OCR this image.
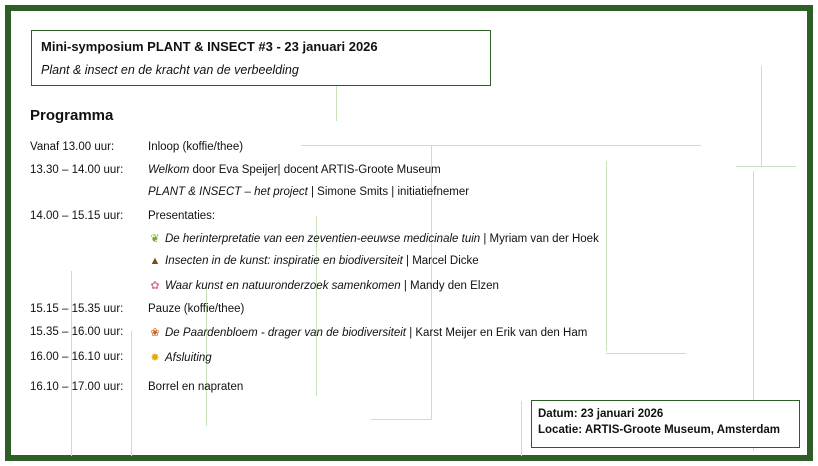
Mini-symposium PLANT & INSECT #3 - 23 januari 2026
Plant & insect en de kracht van de verbeelding
Programma
Vanaf 13.00 uur:	Inloop (koffie/thee)
13.30 – 14.00 uur: Welkom door Eva Speijer| docent ARTIS-Groote Museum
PLANT & INSECT – het project | Simone Smits | initiatiefnemer
14.00 – 15.15 uur: Presentaties:
❦ De herinterpretatie van een zeventien-eeuwse medicinale tuin | Myriam van der Hoek
▲ Insecten in de kunst: inspiratie en biodiversiteit | Marcel Dicke
✿ Waar kunst en natuuronderzoek samenkomen | Mandy den Elzen
15.15 – 15.35 uur: Pauze (koffie/thee)
15.35 – 16.00 uur: ❀ De Paardenbloem - drager van de biodiversiteit | Karst Meijer en Erik van den Ham
16.00 – 16.10 uur: ✸ Afsluiting
16.10 – 17.00 uur: Borrel en napraten
Datum: 23 januari 2026
Locatie: ARTIS-Groote Museum, Amsterdam
